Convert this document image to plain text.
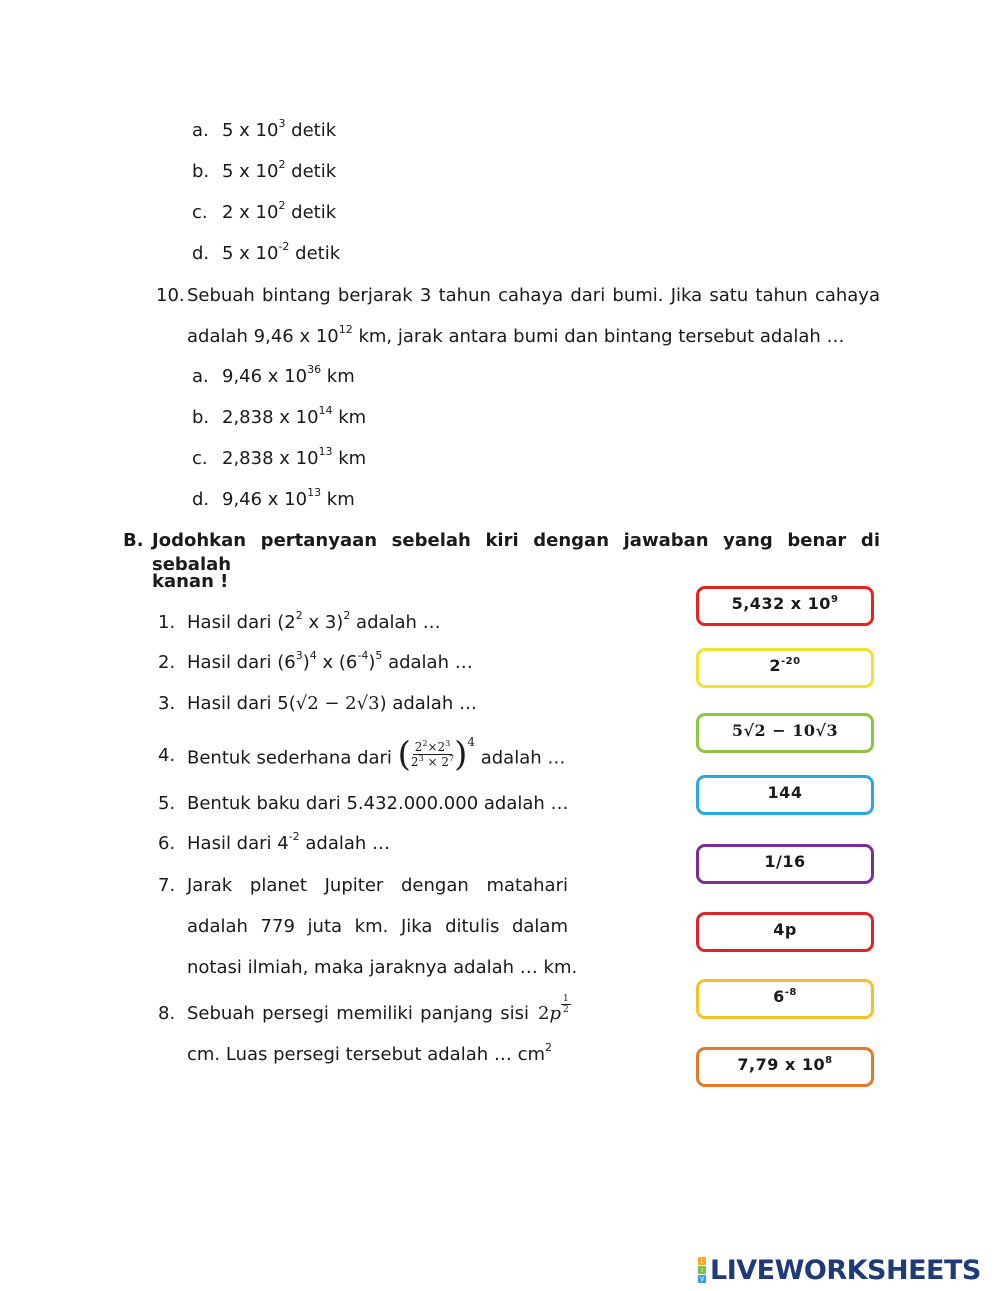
a. 5 x $10^3$ detik
b. 5 x $10^2$ detik
c. 2 x $10^2$ detik
d. 5 x $10^{-2}$ detik
10. Sebuah bintang berjarak 3 tahun cahaya dari bumi. Jika satu tahun cahaya
adalah 9,46 x $10^{12}$ km, jarak antara bumi dan bintang tersebut adalah …
a. 9,46 x $10^{36}$ km
b. 2,838 x $10^{14}$ km
c. 2,838 x $10^{13}$ km
d. 9,46 x $10^{13}$ km
B. Jodohkan pertanyaan sebelah kiri dengan jawaban yang benar di sebalah
kanan !
1. Hasil dari ($2^2$ x 3)$^2$ adalah …
2. Hasil dari $(6^3)^4$ x $(6^{-4})^5$ adalah …
3. Hasil dari 5(√2 − 2√3) adalah …
4. Bentuk sederhana dari ( $\frac{2^2\times 2^3}{2^3 \times 2^7} )^4$ adalah …
5. Bentuk baku dari 5.432.000.000 adalah …
6. Hasil dari $4^{-2}$ adalah …
7. Jarak planet Jupiter dengan matahari
adalah 779 juta km. Jika ditulis dalam
notasi ilmiah, maka jaraknya adalah … km.
8. Sebuah persegi memiliki panjang sisi $2p \frac{1}{2}$
cm. Luas persegi tersebut adalah … $cm^2$
5,432 x $10^9$
$2^{-20}$
5√2 − 10√3
144
1/16
4p
$6^{-8}$
7,79 x $10^8$
L
I
V LIVEWORKSHEETS
